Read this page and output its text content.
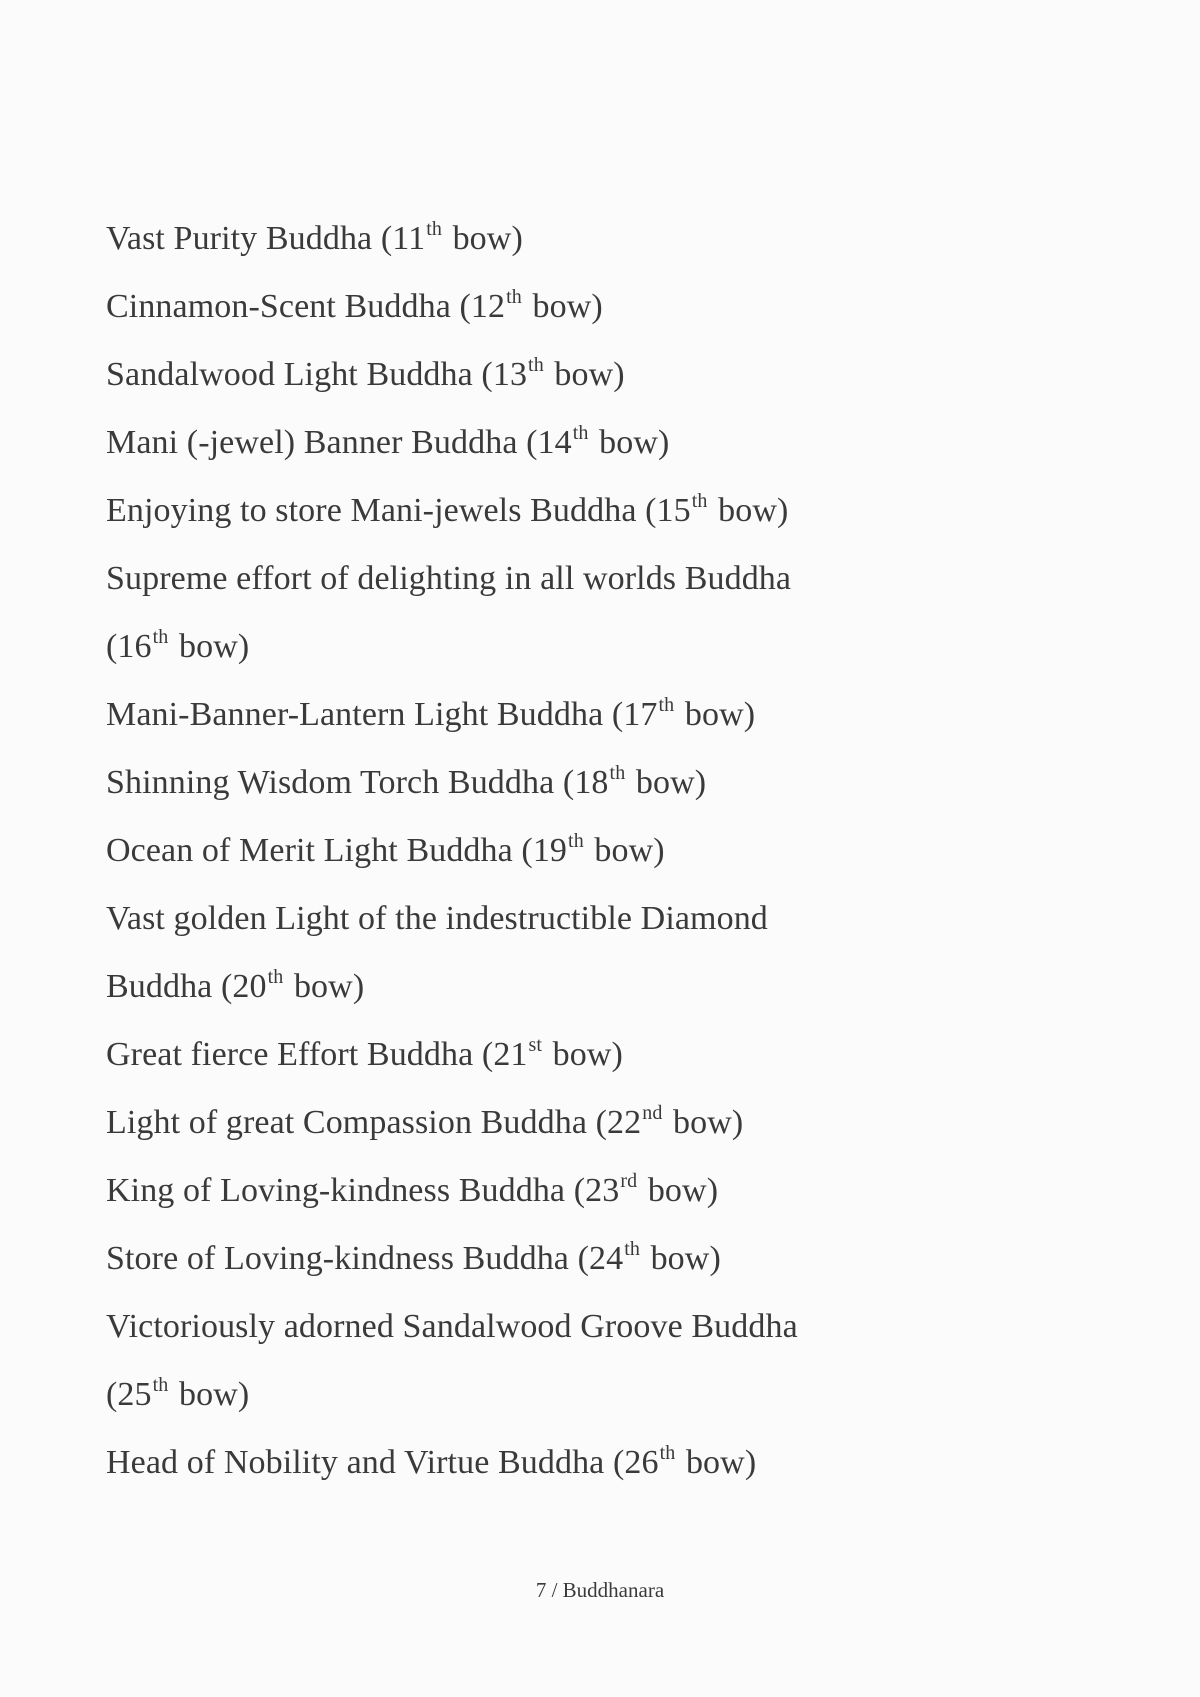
Vast Purity Buddha (11th bow)
Cinnamon-Scent Buddha (12th bow)
Sandalwood Light Buddha (13th bow)
Mani (-jewel) Banner Buddha (14th bow)
Enjoying to store Mani-jewels Buddha (15th bow)
Supreme effort of delighting in all worlds Buddha
(16th bow)
Mani-Banner-Lantern Light Buddha (17th bow)
Shinning Wisdom Torch Buddha (18th bow)
Ocean of Merit Light Buddha (19th bow)
Vast golden Light of the indestructible Diamond
Buddha (20th bow)
Great fierce Effort Buddha (21st bow)
Light of great Compassion Buddha (22nd bow)
King of Loving-kindness Buddha (23rd bow)
Store of Loving-kindness Buddha (24th bow)
Victoriously adorned Sandalwood Groove Buddha
(25th bow)
Head of Nobility and Virtue Buddha (26th bow)
7 / Buddhanara
